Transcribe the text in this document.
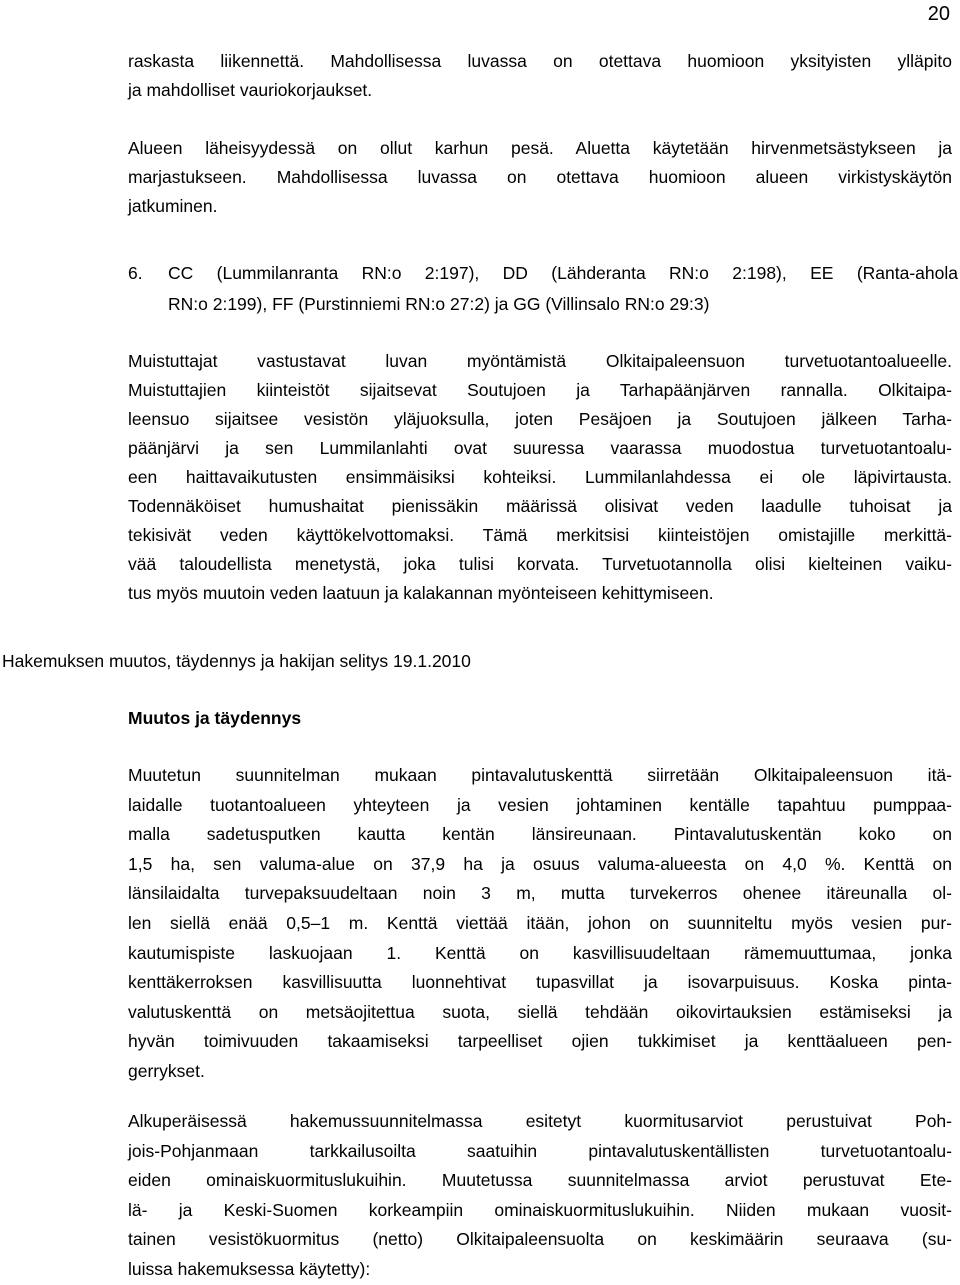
20
raskasta liikennettä. Mahdollisessa luvassa on otettava huomioon yksityisten ylläpito
ja mahdolliset vauriokorjaukset.
Alueen läheisyydessä on ollut karhun pesä. Aluetta käytetään hirvenmetsästykseen ja
marjastukseen. Mahdollisessa luvassa on otettava huomioon alueen virkistyskäytön
jatkuminen.
6. CC (Lummilanranta RN:o 2:197), DD (Lähderanta RN:o 2:198), EE (Ranta-ahola
RN:o 2:199), FF (Purstinniemi RN:o 27:2) ja GG (Villinsalo RN:o 29:3)
Muistuttajat vastustavat luvan myöntämistä Olkitaipaleensuon turvetuotantoalueelle.
Muistuttajien kiinteistöt sijaitsevat Soutujoen ja Tarhapäänjärven rannalla. Olkitaipa-
leensuo sijaitsee vesistön yläjuoksulla, joten Pesäjoen ja Soutujoen jälkeen Tarha-
päänjärvi ja sen Lummilanlahti ovat suuressa vaarassa muodostua turvetuotantoalu-
een haittavaikutusten ensimmäisiksi kohteiksi. Lummilanlahdessa ei ole läpivirtausta.
Todennäköiset humushaitat pienissäkin määrissä olisivat veden laadulle tuhoisat ja
tekisivät veden käyttökelvottomaksi. Tämä merkitsisi kiinteistöjen omistajille merkittä-
vää taloudellista menetystä, joka tulisi korvata. Turvetuotannolla olisi kielteinen vaiku-
tus myös muutoin veden laatuun ja kalakannan myönteiseen kehittymiseen.
Hakemuksen muutos, täydennys ja hakijan selitys 19.1.2010
Muutos ja täydennys
Muutetun suunnitelman mukaan pintavalutuskenttä siirretään Olkitaipaleensuon itä-
laidalle tuotantoalueen yhteyteen ja vesien johtaminen kentälle tapahtuu pumppaa-
malla sadetusputken kautta kentän länsireunaan. Pintavalutuskentän koko on
1,5 ha, sen valuma-alue on 37,9 ha ja osuus valuma-alueesta on 4,0 %. Kenttä on
länsilaidalta turvepaksuudeltaan noin 3 m, mutta turvekerros ohenee itäreunalla ol-
len siellä enää 0,5–1 m. Kenttä viettää itään, johon on suunniteltu myös vesien pur-
kautumispiste laskuojaan 1. Kenttä on kasvillisuudeltaan rämemuuttumaa, jonka
kenttäkerroksen kasvillisuutta luonnehtivat tupasvillat ja isovarpuisuus. Koska pinta-
valutuskenttä on metsäojitettua suota, siellä tehdään oikovirtauksien estämiseksi ja
hyvän toimivuuden takaamiseksi tarpeelliset ojien tukkimiset ja kenttäalueen pen-
gerrykset.
Alkuperäisessä hakemussuunnitelmassa esitetyt kuormitusarviot perustuivat Poh-
jois-Pohjanmaan tarkkailusoilta saatuihin pintavalutuskentällisten turvetuotantoalu-
eiden ominaiskuormituslukuihin. Muutetussa suunnitelmassa arviot perustuvat Ete-
lä- ja Keski-Suomen korkeampiin ominaiskuormituslukuihin. Niiden mukaan vuosit-
tainen vesistökuormitus (netto) Olkitaipaleensuolta on keskimäärin seuraava (su-
luissa hakemuksessa käytetty):
